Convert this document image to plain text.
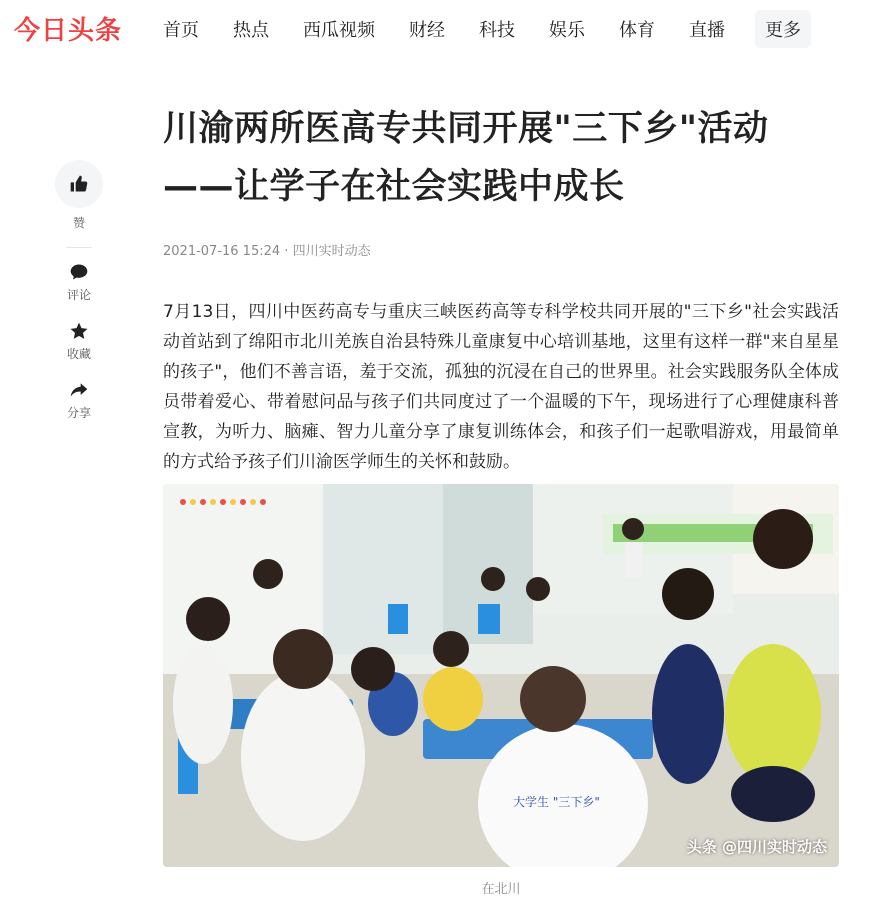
今日头条 首页 热点 西瓜视频 财经 科技 娱乐 体育 直播	更多
赞
评论
收藏
分享
川渝两所医高专共同开展"三下乡"活动——让学子在社会实践中成长
2021-07-16 15:24 · 四川实时动态

7月13日，四川中医药高专与重庆三峡医药高等专科学校共同开展的"三下乡"社会实践活动首站到了绵阳市北川羌族自治县特殊儿童康复中心培训基地，这里有这样一群"来自星星的孩子"，他们不善言语，羞于交流，孤独的沉浸在自己的世界里。社会实践服务队全体成员带着爱心、带着慰问品与孩子们共同度过了一个温暖的下午，现场进行了心理健康科普宣教，为听力、脑瘫、智力儿童分享了康复训练体会，和孩子们一起歌唱游戏，用最简单的方式给予孩子们川渝医学师生的关怀和鼓励。

大学生 "三下乡"
头条 @四川实时动态
在北川
